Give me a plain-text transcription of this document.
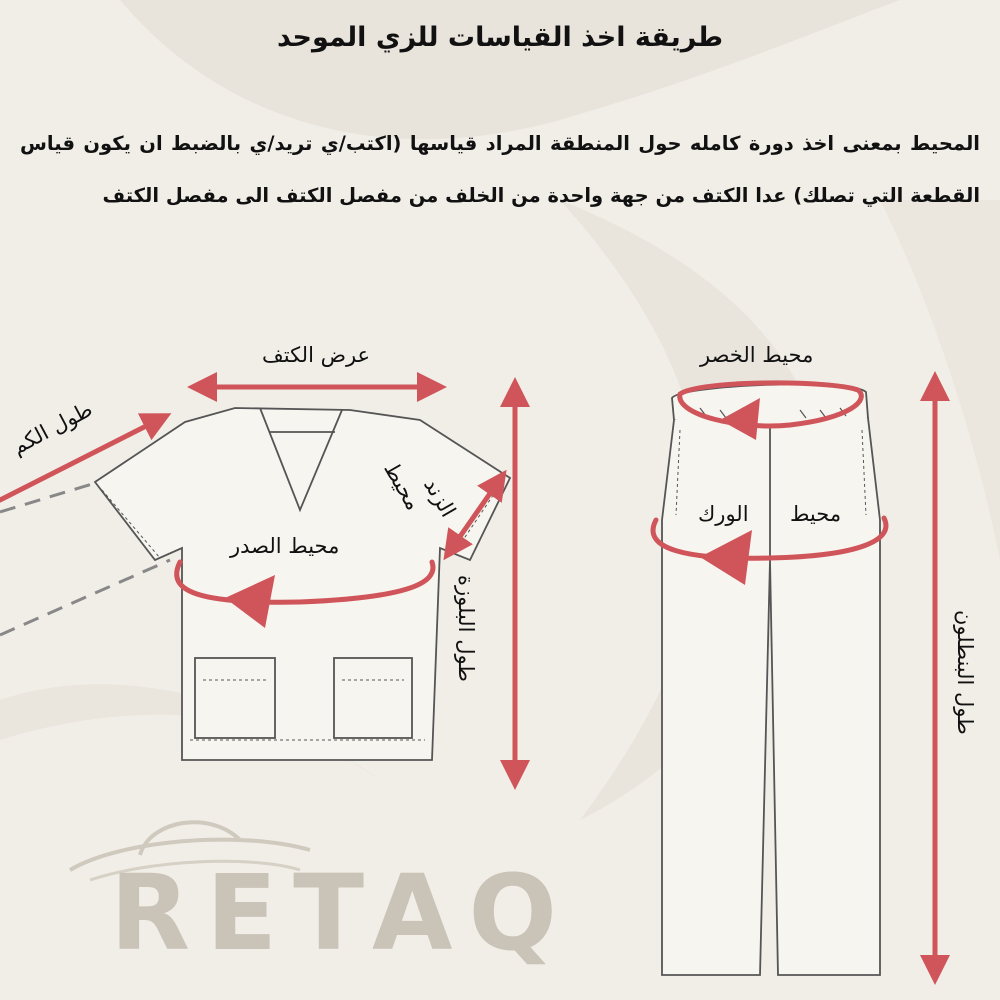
طريقة اخذ القياسات للزي الموحد
المحيط بمعنى اخذ دورة كامله حول المنطقة المراد قياسها (اكتب/ي تريد/ي بالضبط ان يكون قياس القطعة التي تصلك) عدا الكتف من جهة واحدة من الخلف من مفصل الكتف الى مفصل الكتف
RETAQ
عرض الكتف
طول الكم
محيط
الزند
محيط الصدر
طول البلوزة
محيط الخصر
محيط
الورك
طول البنطلون
